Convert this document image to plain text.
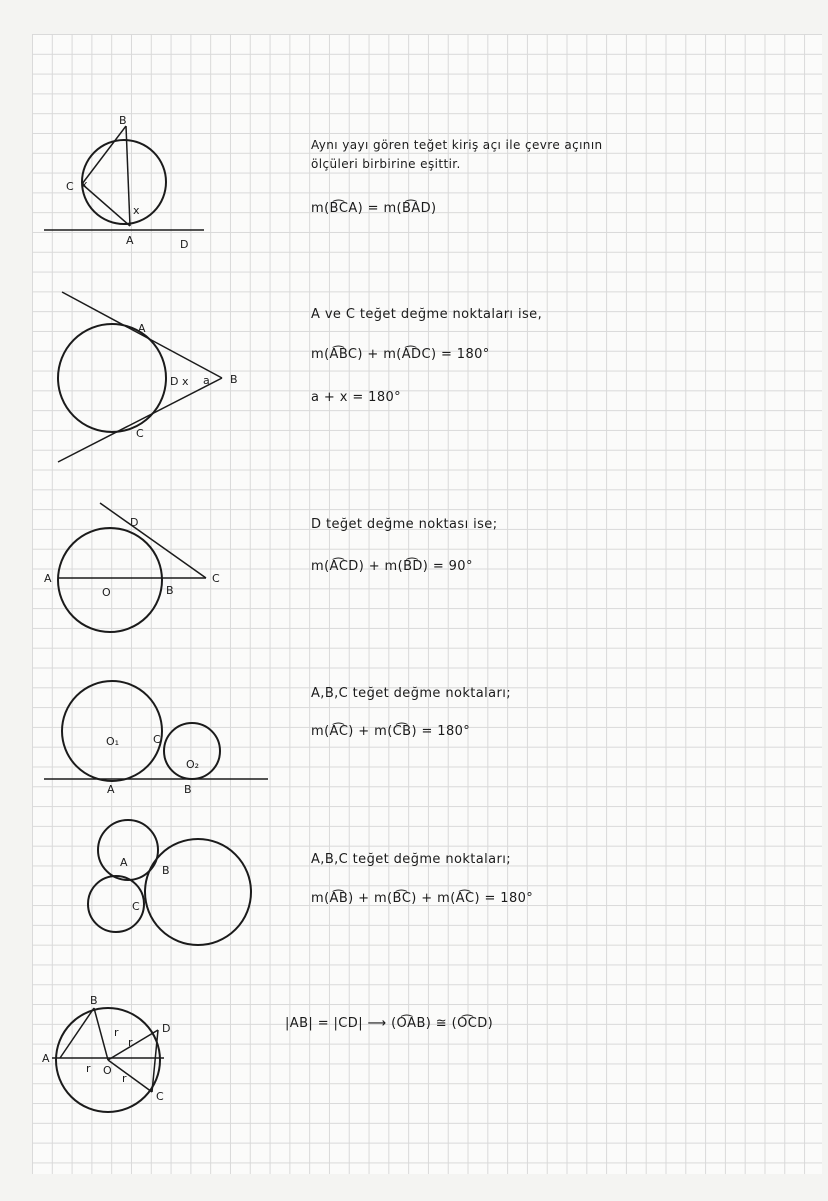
B
C
A	D
x
x
A
C
B
D x a
A
O	B
C
D
O₁
O₂
A	B
C
A
B
C
A
B
O
C
D
r
r
r
r
Aynı yayı gören teğet kiriş açı ile çevre açının
ölçüleri birbirine eşittir.
m(B͡CA) = m(B͡AD)
A ve C teğet değme noktaları ise,
m(A͡BC) + m(A͡DC) = 180°
a + x = 180°
D teğet değme noktası ise;
m(A͡CD) + m(B͡D) = 90°
A,B,C teğet değme noktaları;
m(A͡C) + m(C͡B) = 180°
A,B,C teğet değme noktaları;
m(A͡B) + m(B͡C) + m(A͡C) = 180°
|AB| = |CD| ⟶ (O͡AB) ≅ (O͡CD)
